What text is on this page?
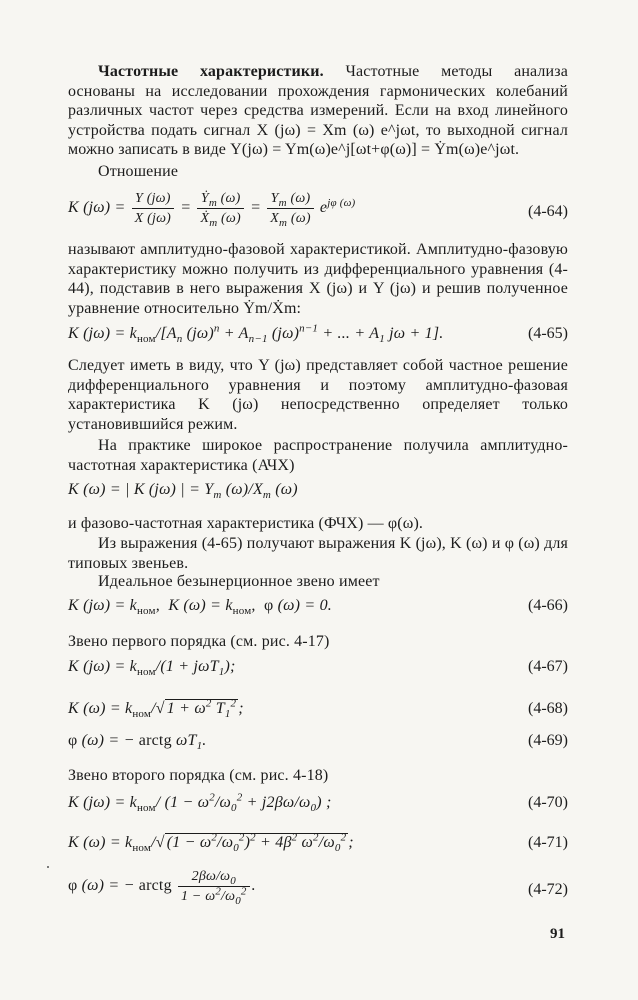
Частотные характеристики. Частотные методы анализа основаны на исследовании прохождения гармонических колебаний различных частот через средства измерений. Если на вход линейного устройства подать сигнал X (jω) = Xm (ω) e^jωt, то выходной сигнал можно записать в виде Y(jω) = Ym(ω)e^j[ωt+φ(ω)] = Ẏm(ω)e^jωt.

Отношение

K $(j\omega) = \frac{Y (j\omega)}{X (j\omega)} = \frac{Ẏ_m (\omega)}{Ẋ_m (\omega)} = \frac{Y_m (\omega)}{X_m (\omega)} e^{j\varphi (\omega)}$
(4-64)

называют амплитудно-фазовой характеристикой. Амплитудно-фазовую характеристику можно получить из дифференциального уравнения (4-44), подставив в него выражения X (jω) и Y (jω) и решив полученное уравнение относительно Ẏm/Ẋm:

K $(j\omega) = k_{ном}/[A_n$ $(j\omega)^n + A_{n-1}$ $(j\omega)^{n-1}$ + ... + $A_1$ jω + 1].	(4-65)

Следует иметь в виду, что Y (jω) представляет собой частное решение дифференциального уравнения и поэтому амплитудно-фазовая характеристика K (jω) непосредственно определяет только установившийся режим.

На практике широкое распространение получила амплитудно-частотная характеристика (АЧХ)

K (ω) = | K (jω) | = $Y_m$ $(\omega)/X_m$ (ω)

и фазово-частотная характеристика (ФЧХ) — φ(ω).

Из выражения (4-65) получают выражения K (jω), K (ω) и φ (ω) для типовых звеньев.

Идеальное безынерционное звено имеет

K $(j\omega) = k_{ном}$,  K $(\omega) = k_{ном}$,  φ (ω) = 0.	(4-66)

Звено первого порядка (см. рис. 4-17)

K $(j\omega) = k_{ном}/(1 + j\omega T_1)$;	(4-67)
K $(\omega) = k_{ном}/√$ $1 + \omega^2$ $T_1^2$ ;	(4-68)
φ (ω) = − arctg $\omega T_1$.	(4-69)

Звено второго порядка (см. рис. 4-18)

K $(j\omega) = k_{ном}/$ $(1 - \omega^2/\omega_0^2 + j2\beta\omega/\omega_0)$ ;	(4-70)
K $(\omega) = k_{ном}/√$ $(1 - \omega^2/\omega_0^2)^2 + 4\beta^2$ $\omega^2/\omega_0^2$ ;	(4-71)
φ (ω) = − arctg $\frac{2\beta\omega/\omega_0}{1 - \omega^2/\omega_0^2}$ .	(4-72)
91
